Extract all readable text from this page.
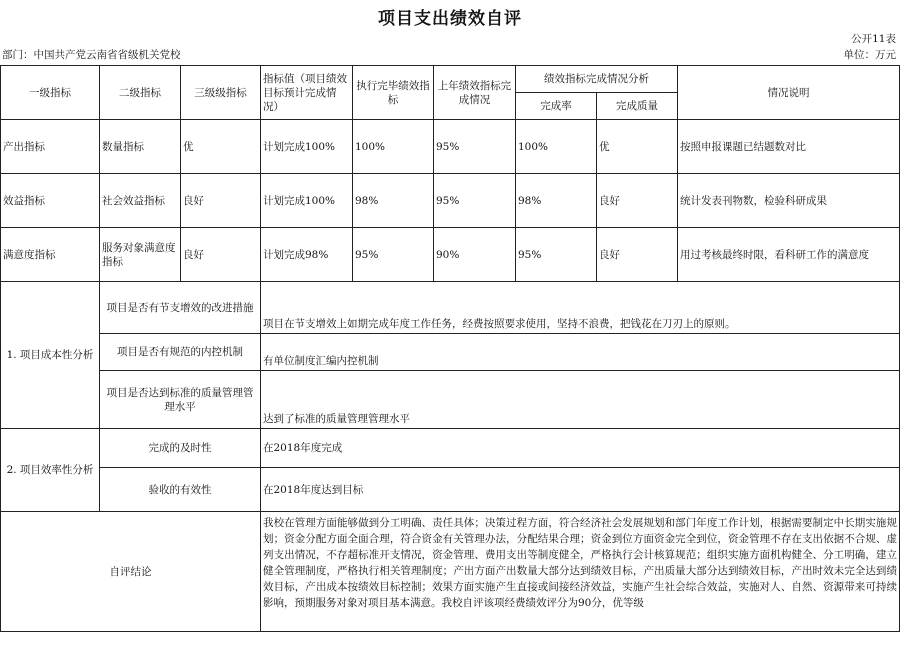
项目支出绩效自评
公开11表
部门：中国共产党云南省省级机关党校	单位：万元
一级指标	二级指标	三级级指标	指标值（项目绩效目标预计完成情况）	执行完毕绩效指标	上年绩效指标完成情况	绩效指标完成情况分析		情况说明
						完成率	完成质量	
产出指标	数量指标	优	计划完成100%	100%	95%	100%	优	按照申报课题已结题数对比
效益指标	社会效益指标	良好	计划完成100%	98%	95%	98%	良好	统计发表刊物数，检验科研成果
满意度指标	服务对象满意度指标	良好	计划完成98%	95%	90%	95%	良好	用过考核最终时限，看科研工作的满意度
1. 项目成本性分析	项目是否有节支增效的改进措施		项目在节支增效上如期完成年度工作任务，经费按照要求使用，坚持不浪费，把钱花在刀刃上的原则。					
	项目是否有规范的内控机制		有单位制度汇编内控机制					
	项目是否达到标准的质量管理管理水平		达到了标准的质量管理管理水平					
2. 项目效率性分析	完成的及时性		在2018年度完成					
	验收的有效性		在2018年度达到目标					
自评结论			我校在管理方面能够做到分工明确、责任具体；决策过程方面，符合经济社会发展规划和部门年度工作计划，根据需要制定中长期实施规划；资金分配方面全面合理，符合资金有关管理办法，分配结果合理；资金到位方面资金完全到位，资金管理不存在支出依据不合规、虚列支出情况，不存超标准开支情况，资金管理、费用支出等制度健全，严格执行会计核算规范；组织实施方面机构健全、分工明确，建立健全管理制度，严格执行相关管理制度；产出方面产出数量大部分达到绩效目标，产出质量大部分达到绩效目标，产出时效未完全达到绩效目标，产出成本按绩效目标控制；效果方面实施产生直接或间接经济效益，实施产生社会综合效益，实施对人、自然、资源带来可持续影响，预期服务对象对项目基本满意。我校自评该项经费绩效评分为90分，优等级					
